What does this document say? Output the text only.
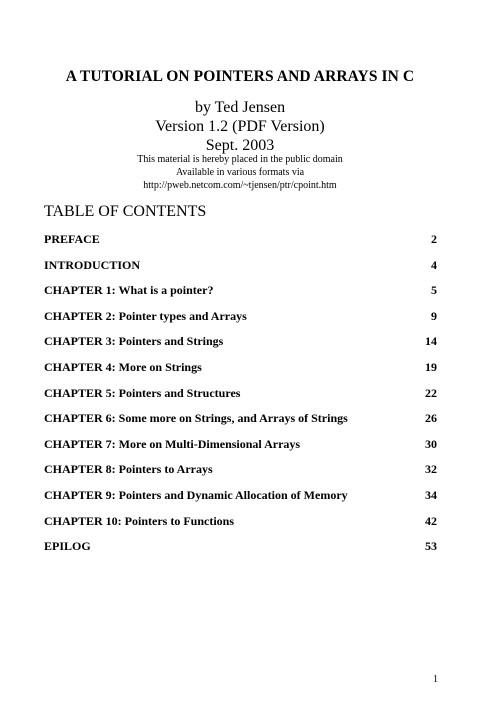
A TUTORIAL ON POINTERS AND ARRAYS IN C
by Ted Jensen
Version 1.2 (PDF Version)
Sept. 2003
This material is hereby placed in the public domain
Available in various formats via
http://pweb.netcom.com/~tjensen/ptr/cpoint.htm
TABLE OF CONTENTS
PREFACE	2
INTRODUCTION	4
CHAPTER 1: What is a pointer?	5
CHAPTER 2: Pointer types and Arrays	9
CHAPTER 3: Pointers and Strings	14
CHAPTER 4: More on Strings	19
CHAPTER 5: Pointers and Structures	22
CHAPTER 6: Some more on Strings, and Arrays of Strings	26
CHAPTER 7: More on Multi-Dimensional Arrays	30
CHAPTER 8: Pointers to Arrays	32
CHAPTER 9: Pointers and Dynamic Allocation of Memory	34
CHAPTER 10: Pointers to Functions	42
EPILOG	53
1
